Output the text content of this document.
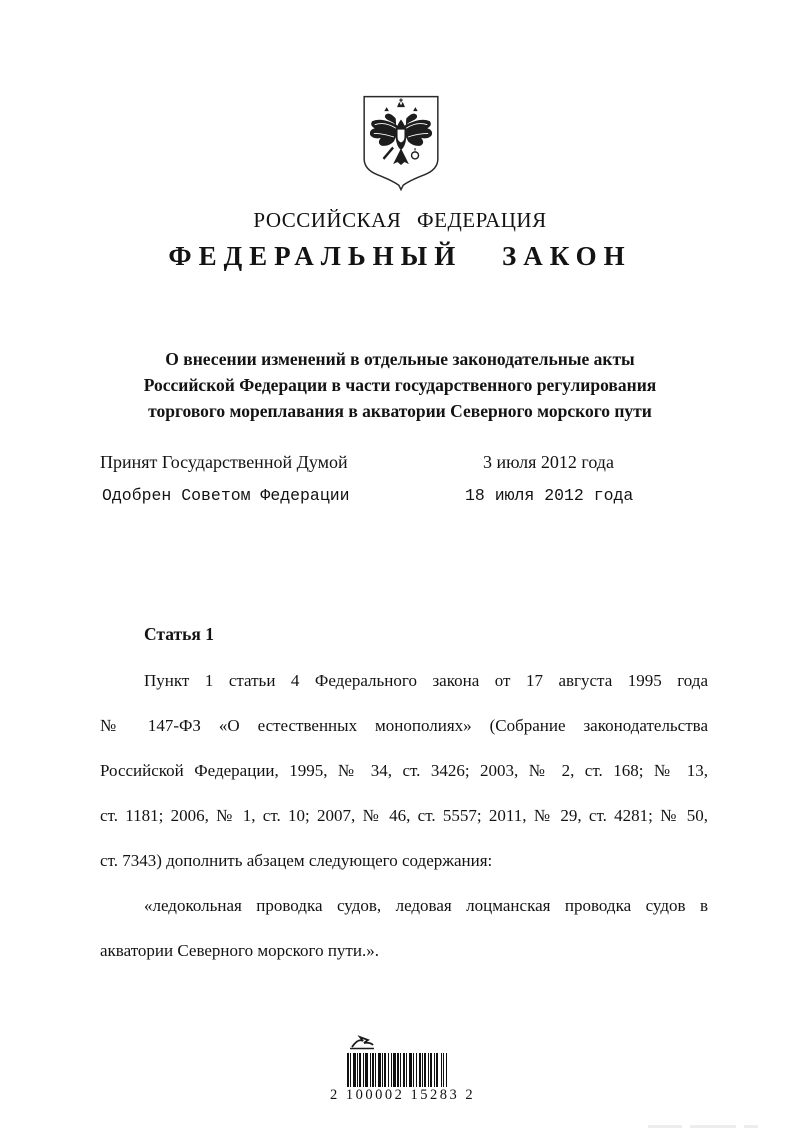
РОССИЙСКАЯ ФЕДЕРАЦИЯ
ФЕДЕРАЛЬНЫЙ ЗАКОН
О внесении изменений в отдельные законодательные акты
Российской Федерации в части государственного регулирования
торгового мореплавания в акватории Северного морского пути
Принят Государственной Думой	3 июля 2012 года
Одобрен Советом Федерации	18 июля 2012 года
Статья 1
Пункт 1 статьи 4 Федерального закона от 17 августа 1995 года
№ 147-ФЗ «О естественных монополиях» (Собрание законодательства
Российской Федерации, 1995, № 34, ст. 3426; 2003, № 2, ст. 168; № 13,
ст. 1181; 2006, № 1, ст. 10; 2007, № 46, ст. 5557; 2011, № 29, ст. 4281; № 50,
ст. 7343) дополнить абзацем следующего содержания:
«ледокольная проводка судов, ледовая лоцманская проводка судов в
акватории Северного морского пути.».
2 100002 15283 2
